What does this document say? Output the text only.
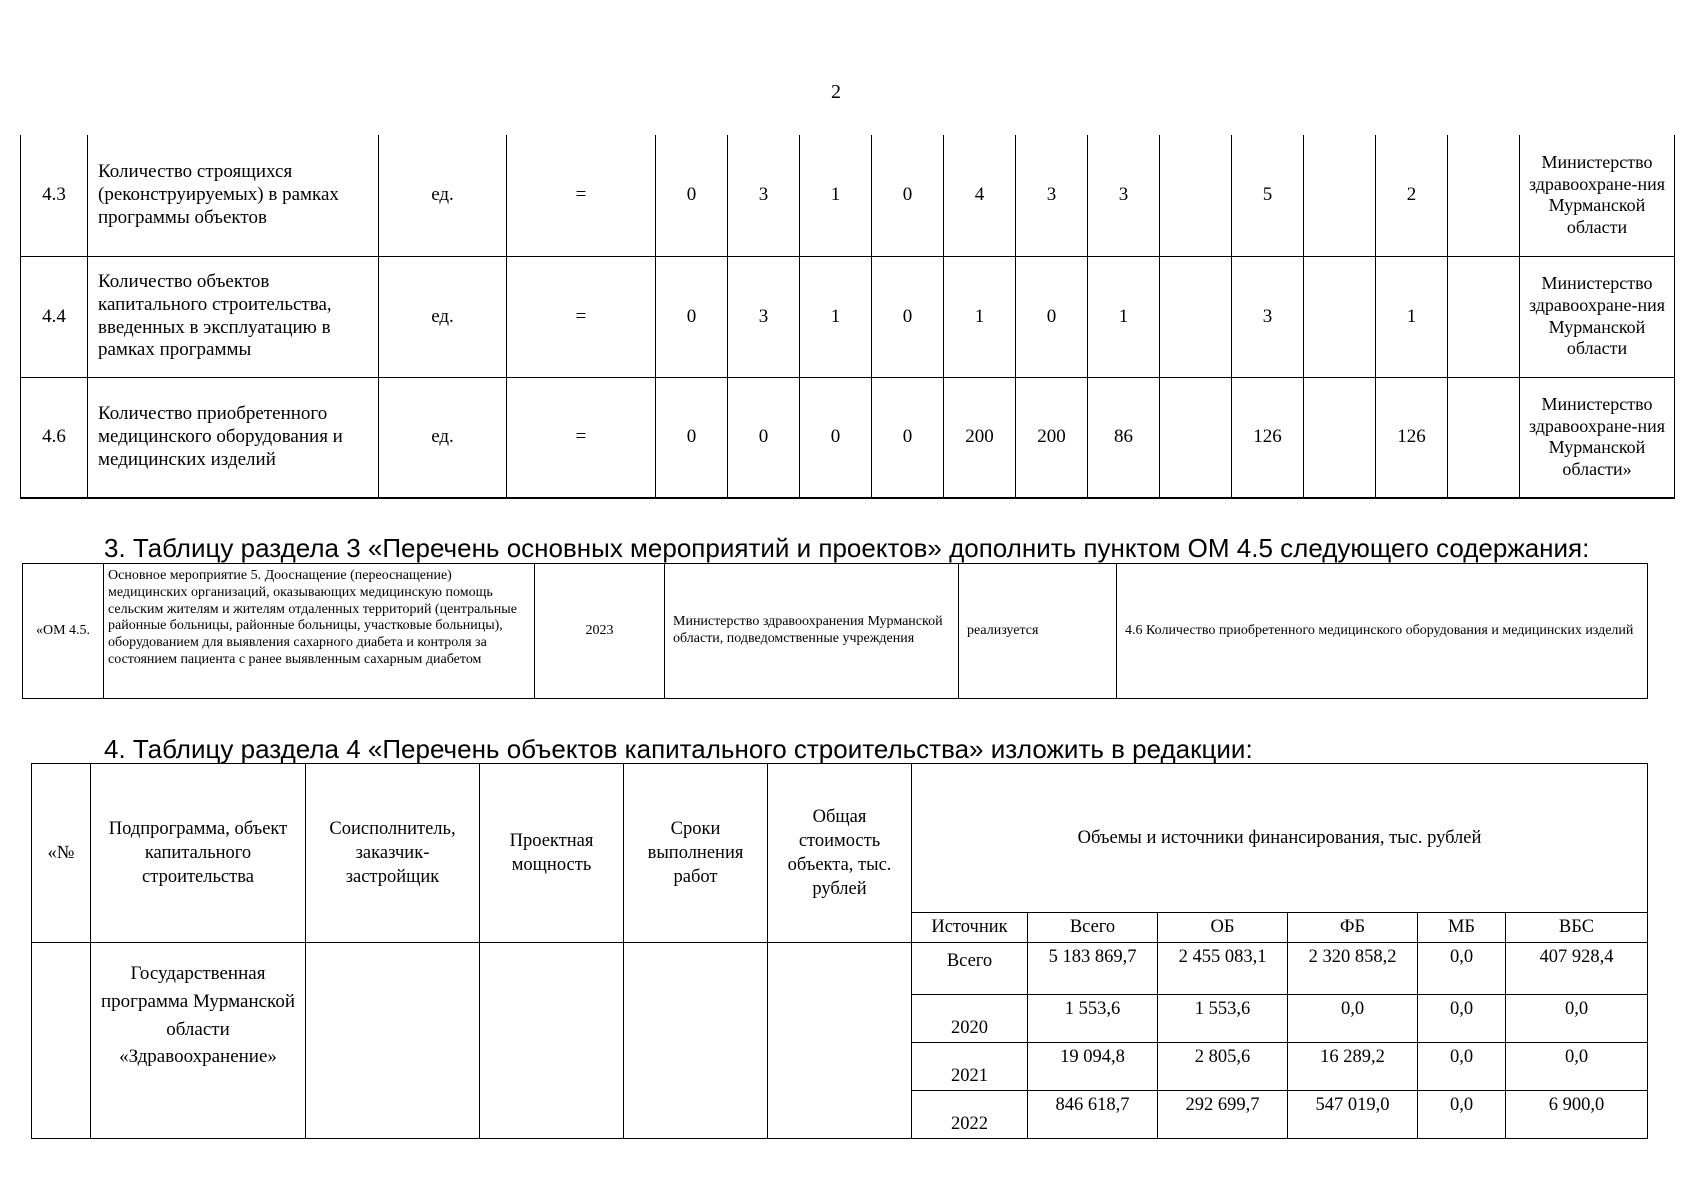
2
4.3	Количество строящихся (реконструируемых) в рамках программы объектов	ед.	=	0	3	1	0	4	3	3		5		2		Министерство здравоохране-ния Мурманской области
4.4	Количество объектов капитального строительства, введенных в эксплуатацию в рамках программы	ед.	=	0	3	1	0	1	0	1		3		1		Министерство здравоохране-ния Мурманской области
4.6	Количество приобретенного медицинского оборудования и медицинских изделий	ед.	=	0	0	0	0	200	200	86		126		126		Министерство здравоохране-ния Мурманской области»
3. Таблицу раздела 3 «Перечень основных мероприятий и проектов» дополнить пунктом ОМ 4.5 следующего содержания:
«ОМ 4.5.	Основное мероприятие 5. Дооснащение (переоснащение) медицинских организаций, оказывающих медицинскую помощь сельским жителям и жителям отдаленных территорий (центральные районные больницы, районные больницы, участковые больницы), оборудованием для выявления сахарного диабета и контроля за состоянием пациента с ранее выявленным сахарным диабетом	2023	Министерство здравоохранения Мурманской области, подведомственные учреждения	реализуется	4.6 Количество приобретенного медицинского оборудования и медицинских изделий
4. Таблицу раздела 4 «Перечень объектов капитального строительства» изложить в редакции:
«№	Подпрограмма, объект капитального строительства	Соисполнитель, заказчик-застройщик	Проектная мощность	Сроки выполнения работ	Общая стоимость объекта, тыс. рублей	Объемы и источники финансирования, тыс. рублей					
						Источник	Всего	ОБ	ФБ	МБ	ВБС
	Государственная программа Мурманской области «Здравоохранение»					Всего	5 183 869,7	2 455 083,1	2 320 858,2	0,0	407 928,4
						2020	1 553,6	1 553,6	0,0	0,0	0,0
						2021	19 094,8	2 805,6	16 289,2	0,0	0,0
						2022	846 618,7	292 699,7	547 019,0	0,0	6 900,0
